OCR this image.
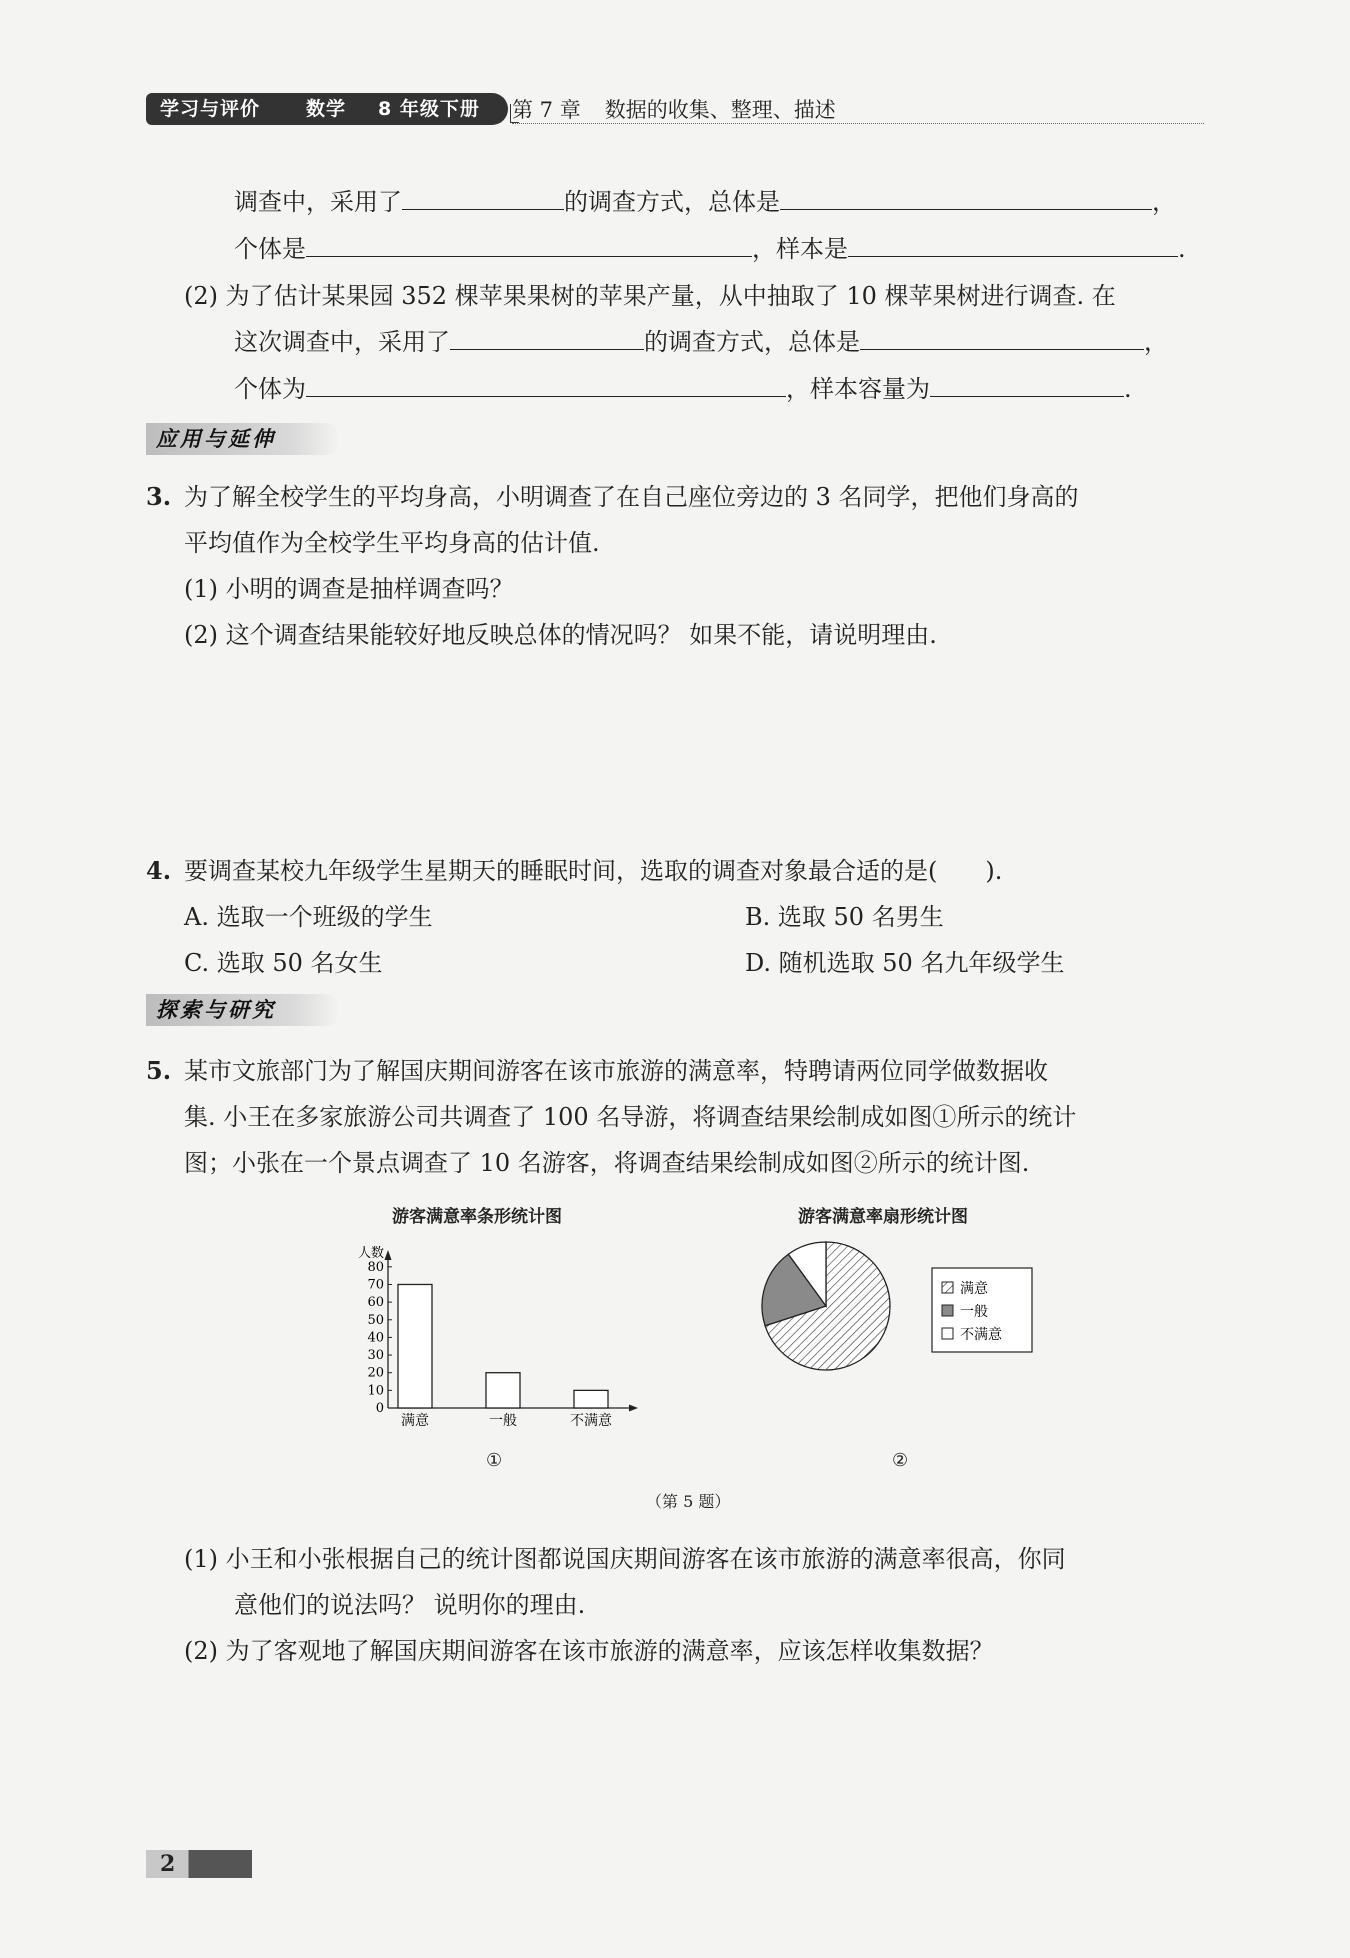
学习与评价 数学 8 年级下册 第 7 章 数据的收集、整理、描述
调查中，采用了	的调查方式，总体是	，
个体是	，样本是	.
(2) 为了估计某果园 352 棵苹果果树的苹果产量，从中抽取了 10 棵苹果树进行调查. 在
这次调查中，采用了	的调查方式，总体是	，
个体为	，样本容量为	.
应用与延伸
3. 为了解全校学生的平均身高，小明调查了在自己座位旁边的 3 名同学，把他们身高的
平均值作为全校学生平均身高的估计值.
(1) 小明的调查是抽样调查吗？
(2) 这个调查结果能较好地反映总体的情况吗？ 如果不能，请说明理由.
4. 要调查某校九年级学生星期天的睡眠时间，选取的调查对象最合适的是(　　).
A. 选取一个班级的学生	B. 选取 50 名男生
C. 选取 50 名女生	D. 随机选取 50 名九年级学生
探索与研究
5. 某市文旅部门为了解国庆期间游客在该市旅游的满意率，特聘请两位同学做数据收
集. 小王在多家旅游公司共调查了 100 名导游，将调查结果绘制成如图①所示的统计
图；小张在一个景点调查了 10 名游客，将调查结果绘制成如图②所示的统计图.
游客满意率条形统计图	游客满意率扇形统计图
人数
0
10
20
30
40
50
60
70
80
满意	一般	不满意
满意
一般
不满意
①	②
（第 5 题）
(1) 小王和小张根据自己的统计图都说国庆期间游客在该市旅游的满意率很高，你同
意他们的说法吗？ 说明你的理由.
(2) 为了客观地了解国庆期间游客在该市旅游的满意率，应该怎样收集数据？
2
